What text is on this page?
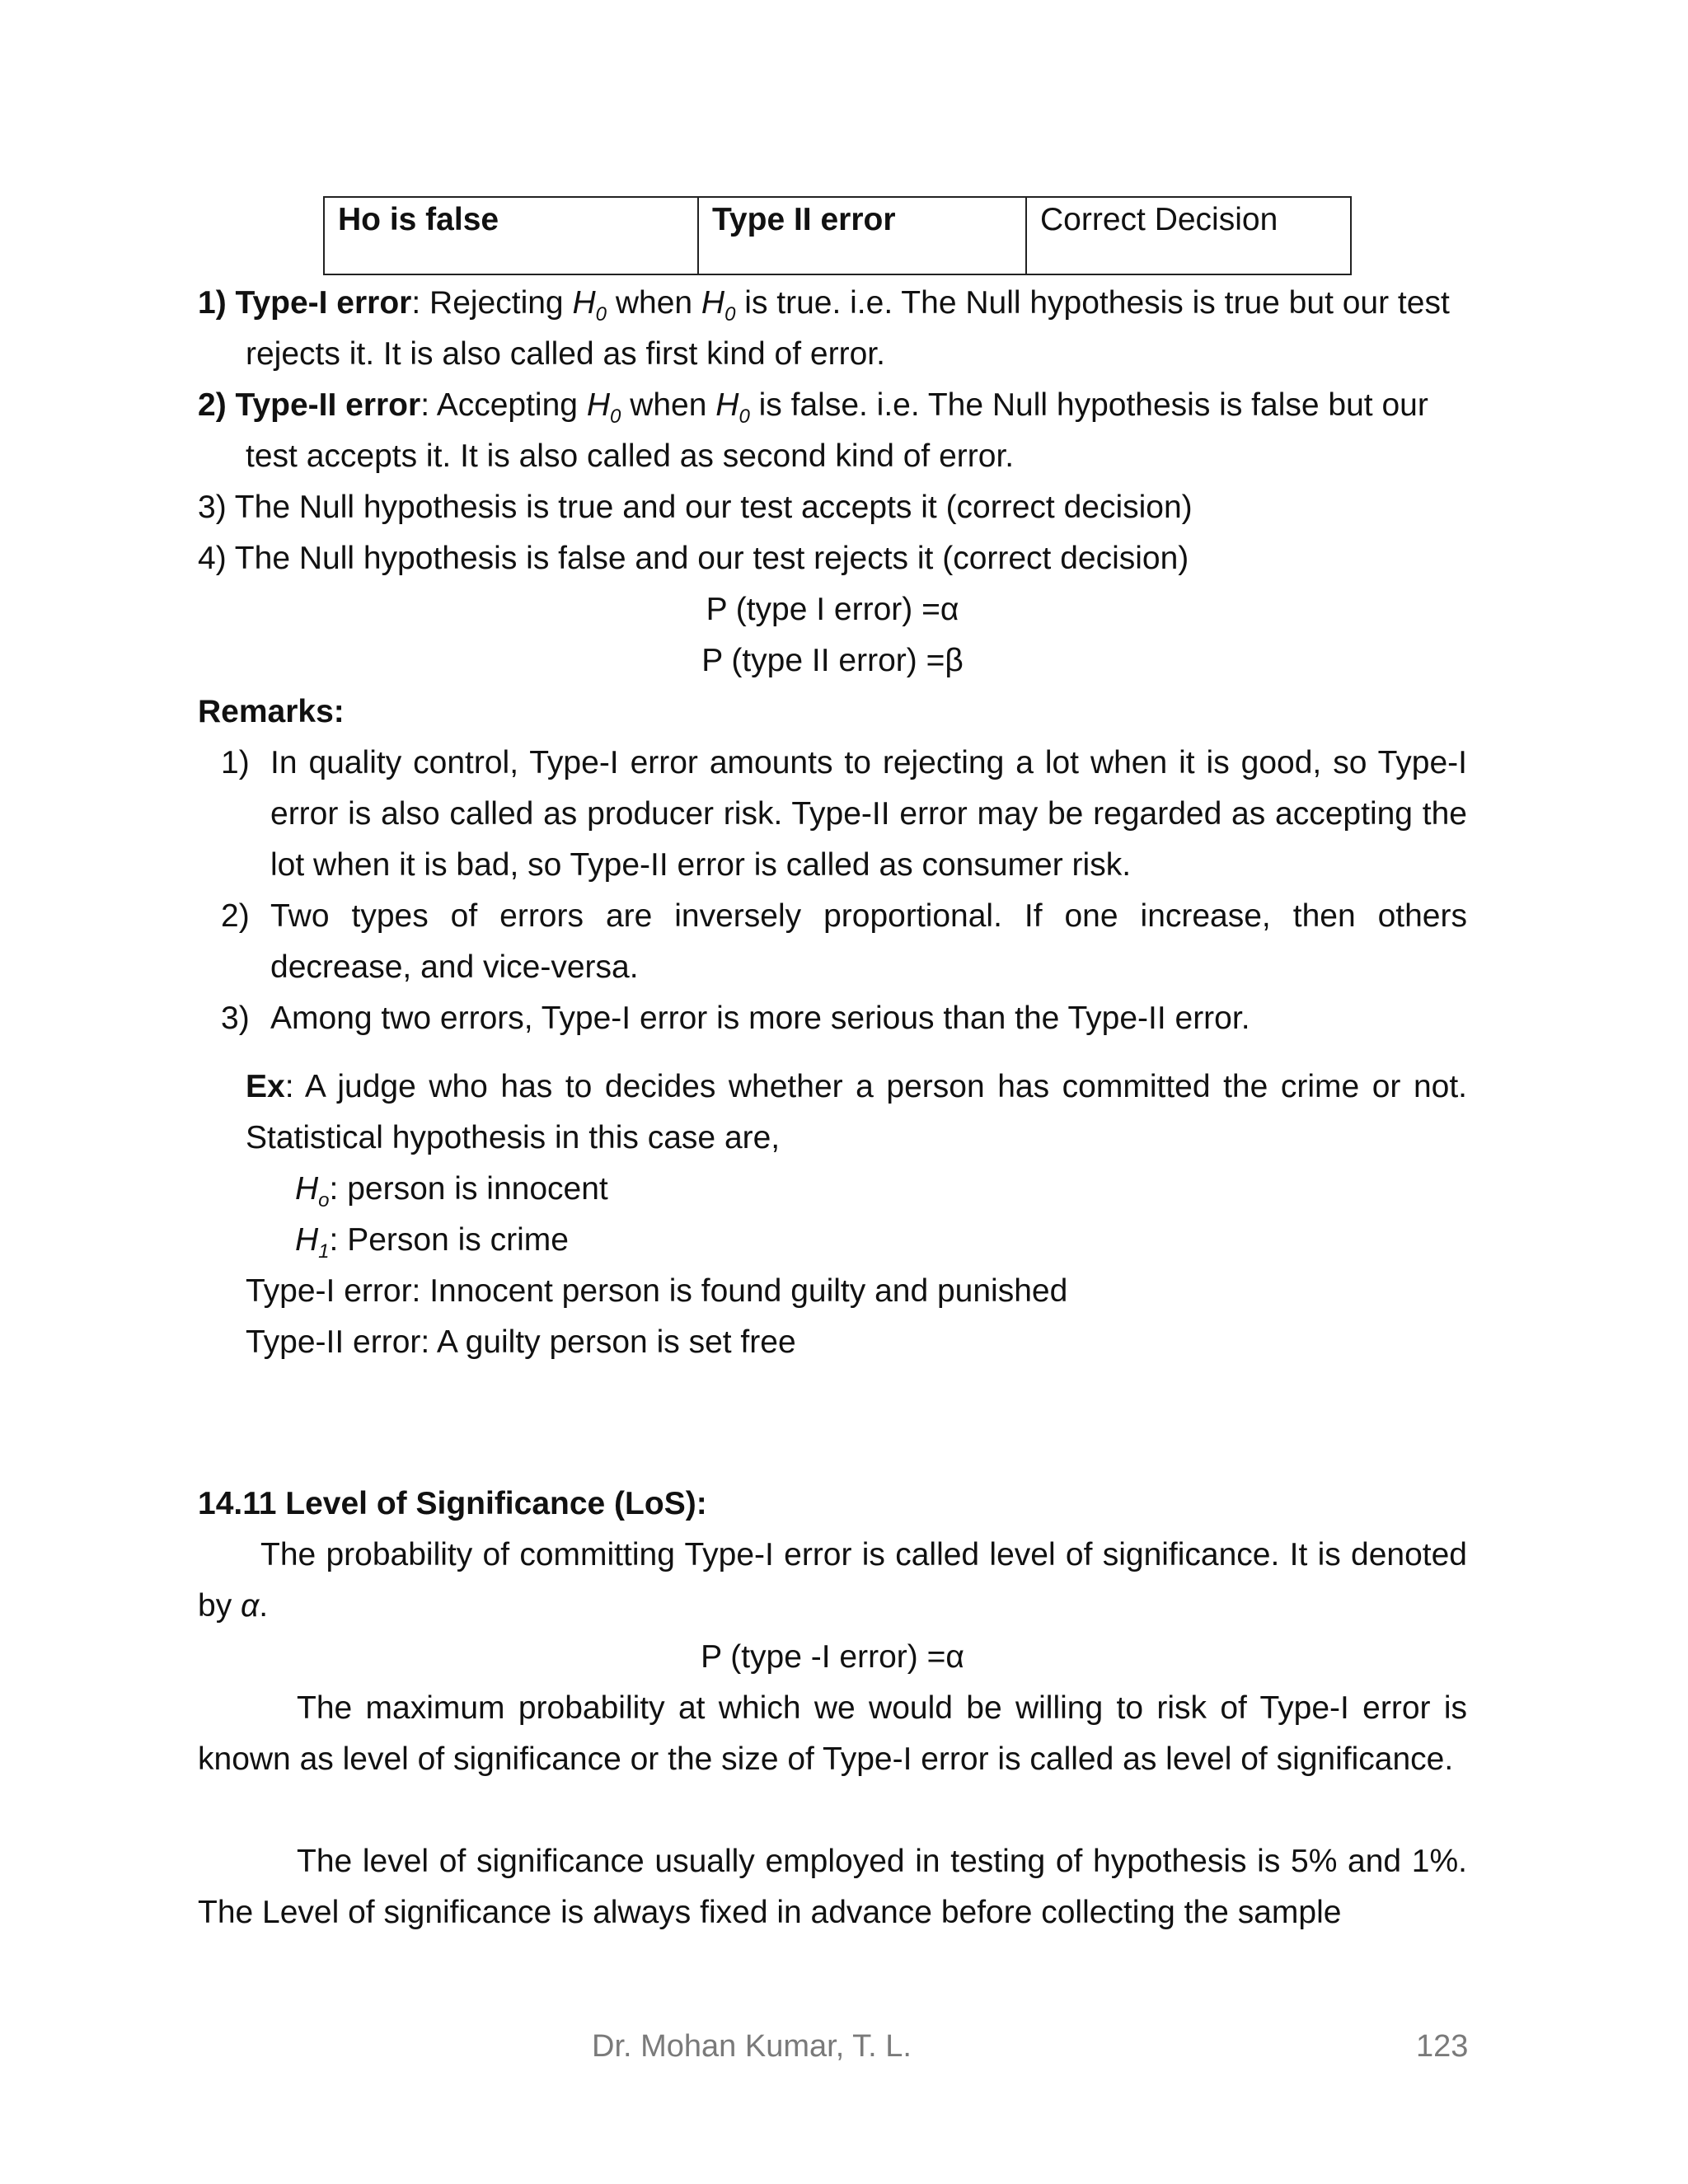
Ho is false	Type II error	Correct Decision
1) Type-I error: Rejecting $H_0$ when $H_0$ is true. i.e. The Null hypothesis is true but our test
rejects it. It is also called as first kind of error.
2) Type-II error: Accepting $H_0$ when $H_0$ is false. i.e. The Null hypothesis is false but our
test accepts it. It is also called as second kind of error.
3) The Null hypothesis is true and our test accepts it (correct decision)
4) The Null hypothesis is false and our test rejects it (correct decision)
P (type I error) =α
P (type II error) =β
Remarks:
1) In quality control, Type-I error amounts to rejecting a lot when it is good, so Type-I error is also called as producer risk. Type-II error may be regarded as accepting the lot when it is bad, so Type-II error is called as consumer risk.
2) Two types of errors are inversely proportional. If one increase, then others decrease, and vice-versa.
3) Among two errors, Type-I error is more serious than the Type-II error.
Ex: A judge who has to decides whether a person has committed the crime or not. Statistical hypothesis in this case are,
$H_o$: person is innocent
$H_1$: Person is crime
Type-I error: Innocent person is found guilty and punished
Type-II error: A guilty person is set free
14.11 Level of Significance (LoS):
The probability of committing Type-I error is called level of significance. It is denoted by α.
P (type -I error) =α
The maximum probability at which we would be willing to risk of Type-I error is known as level of significance or the size of Type-I error is called as level of significance.
The level of significance usually employed in testing of hypothesis is 5% and 1%. The Level of significance is always fixed in advance before collecting the sample
Dr. Mohan Kumar, T. L.	123
